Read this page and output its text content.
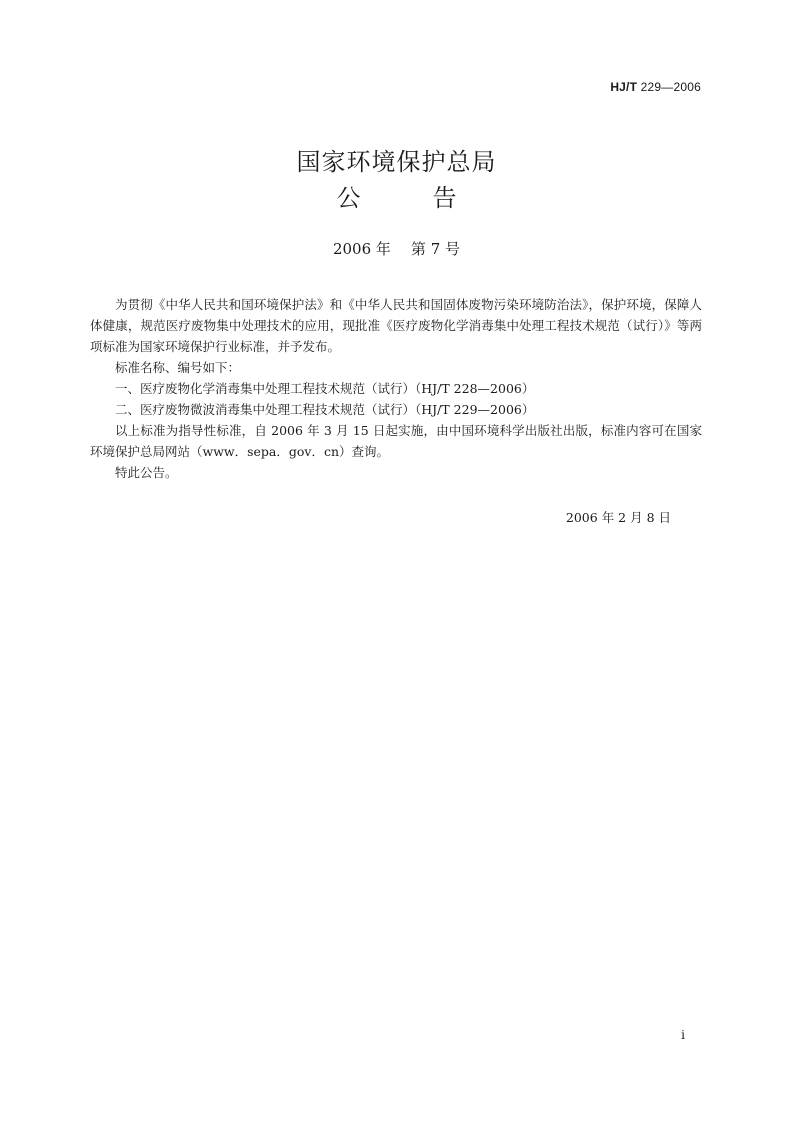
HJ/T 229—2006
国家环境保护总局
公	告
2006 年 第 7 号

为贯彻《中华人民共和国环境保护法》和《中华人民共和国固体废物污染环境防治法》，保护环境，保障人体健康，规范医疗废物集中处理技术的应用，现批准《医疗废物化学消毒集中处理工程技术规范（试行）》等两项标准为国家环境保护行业标准，并予发布。

标准名称、编号如下：

一、医疗废物化学消毒集中处理工程技术规范（试行）（HJ/T 228—2006）

二、医疗废物微波消毒集中处理工程技术规范（试行）（HJ/T 229—2006）

以上标准为指导性标准，自 2006 年 3 月 15 日起实施，由中国环境科学出版社出版，标准内容可在国家环境保护总局网站（www．sepa．gov．cn）查询。

特此公告。

2006 年 2 月 8 日
i
